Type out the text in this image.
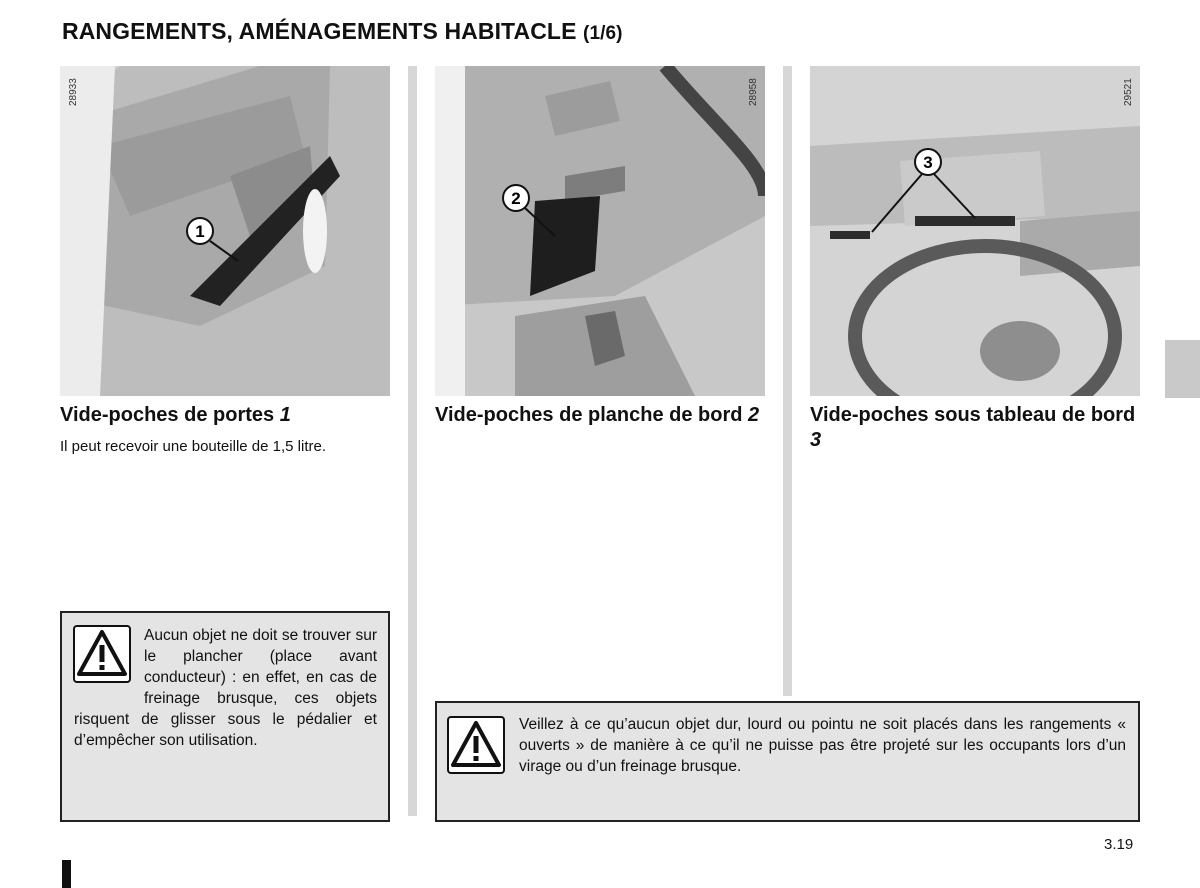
RANGEMENTS, AMÉNAGEMENTS HABITACLE (1/6)
1
28933
2
28958
3
29521
Vide-poches de portes 1
Il peut recevoir une bouteille de 1,5 litre.
Vide-poches de planche de bord 2	Vide-poches sous tableau de bord 3
Aucun objet ne doit se trouver sur le plancher (place avant conducteur) : en effet, en cas de freinage brusque, ces objets risquent de glisser sous le pédalier et d’empêcher son utilisation.
Veillez à ce qu’aucun objet dur, lourd ou pointu ne soit placés dans les rangements « ouverts » de manière à ce qu’il ne puisse pas être projeté sur les occupants lors d’un virage ou d’un freinage brusque.
3.19
